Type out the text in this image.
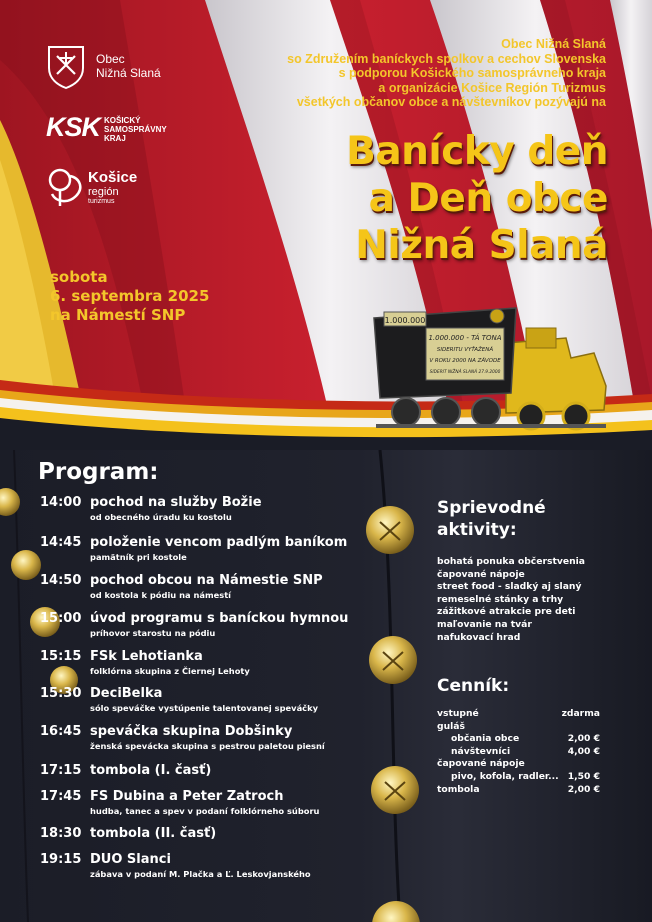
Obec
Nižná Slaná
KSK KOŠICKÝ
SAMOSPRÁVNY
KRAJ
Košice
región
turizmus
Obec Nižná Slaná
so Združením baníckych spolkov a cechov Slovenska
s podporou Košického samosprávneho kraja
a organizácie Košice Región Turizmus
všetkých občanov obce a návštevníkov pozývajú na
Banícky deň
a Deň obce
Nižná Slaná
sobota
6. septembra 2025
na Námestí SNP	1.000.000
1.000.000 - TÁ TONA
SIDERITU VYŤAŽENÁ
V ROKU 2000 NA ZÁVODE
SIDERIT NIŽNÁ SLANÁ 27.9.2000
Program:
14:00 pochod na služby Božie
od obecného úradu ku kostolu
14:45 položenie vencom padlým baníkom
pamätník pri kostole
14:50 pochod obcou na Námestie SNP
od kostola k pódiu na námestí
15:00 úvod programu s baníckou hymnou
príhovor starostu na pódiu
15:15 FSk Lehotianka
folklórna skupina z Čiernej Lehoty
15:30 DeciBelka
sólo speváčke vystúpenie talentovanej speváčky
16:45 speváčka skupina Dobšinky
ženská spevácka skupina s pestrou paletou piesní
17:15 tombola (I. časť)
17:45 FS Dubina a Peter Zatroch
hudba, tanec a spev v podaní folklórneho súboru
18:30 tombola (II. časť)
19:15 DUO Slanci
zábava v podaní M. Plačka a Ľ. Leskovjanského
Sprievodné
aktivity:
bohatá ponuka občerstvenia
čapované nápoje
street food - sladký aj slaný
remeselné stánky a trhy
zážitkové atrakcie pre deti
maľovanie na tvár
nafukovací hrad
Cenník:
vstupné	zdarma
guláš
občania obce	2,00 €
návštevníci	4,00 €
čapované nápoje
pivo, kofola, radler... 1,50 €
tombola	2,00 €
